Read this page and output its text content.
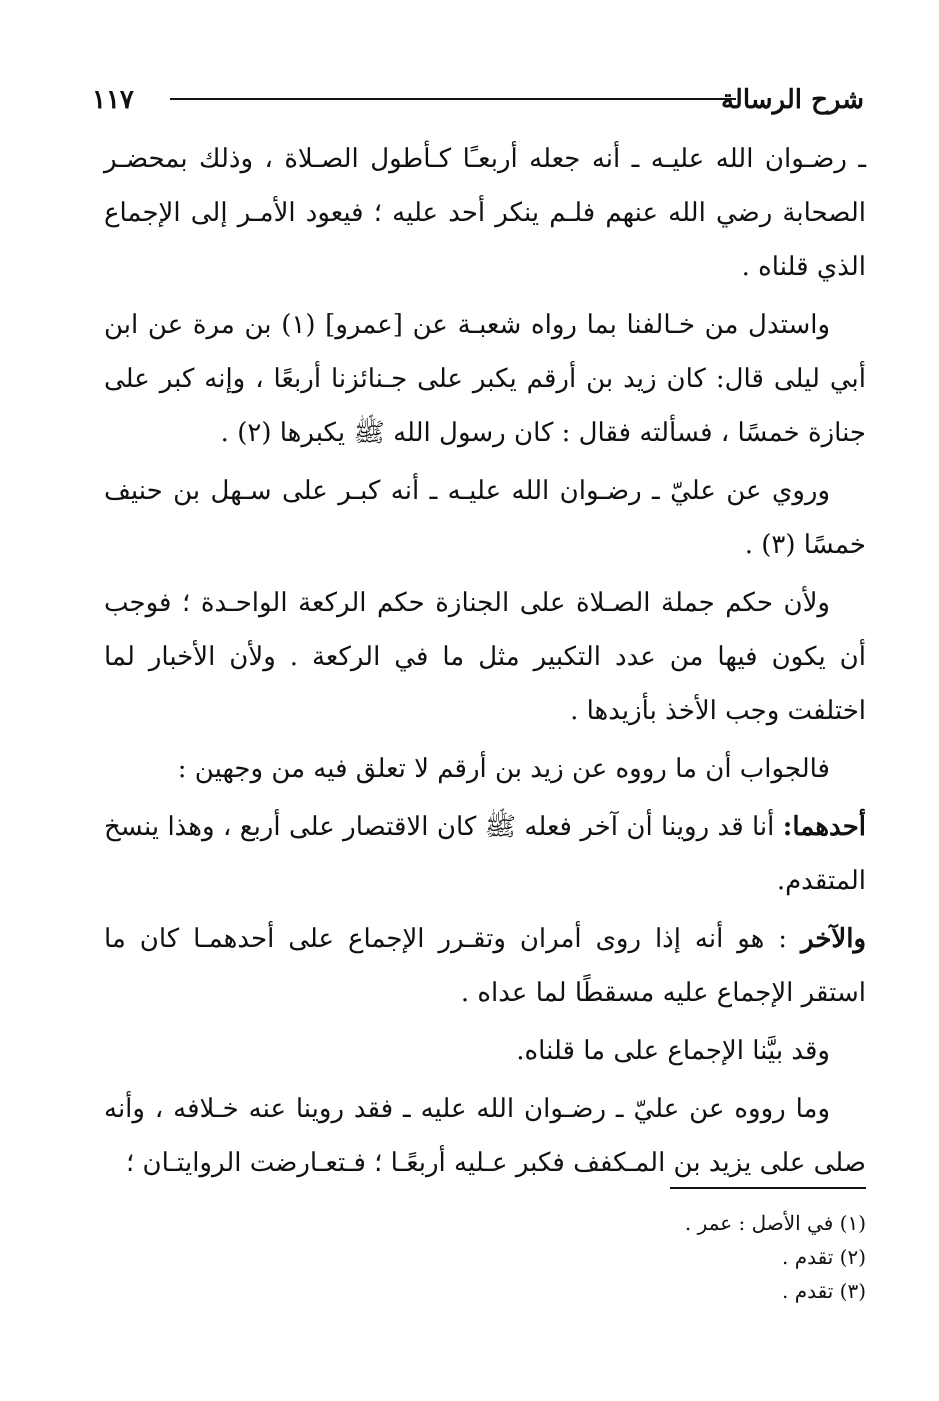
شرح الرسالة
١١٧

ـ رضـوان الله عليـه ـ أنه جعله أربعـًا كـأطول الصـلاة ، وذلك بمحضـر الصحابة رضي الله عنهم فلـم ينكر أحد عليه ؛ فيعود الأمـر إلى الإجماع الذي قلناه .

واستدل من خـالفنا بما رواه شعبـة عن [عمرو] (١) بن مرة عن ابن أبي ليلى قال: كان زيد بن أرقم يكبر على جـنائزنا أربعًا ، وإنه كبر على جنازة خمسًا ، فسألته فقال : كان رسول الله ﷺ يكبرها (٢) .

وروي عن عليّ ـ رضـوان الله عليـه ـ أنه كبـر على سـهل بن حنيف خمسًا (٣) .

ولأن حكم جملة الصـلاة على الجنازة حكم الركعة الواحـدة ؛ فوجب أن يكون فيها من عدد التكبير مثل ما في الركعة . ولأن الأخبار لما اختلفت وجب الأخذ بأزيدها .

فالجواب أن ما رووه عن زيد بن أرقم لا تعلق فيه من وجهين :

أحدهما: أنا قد روينا أن آخر فعله ﷺ كان الاقتصار على أربع ، وهذا ينسخ المتقدم.

والآخر : هو أنه إذا روى أمران وتقـرر الإجماع على أحدهمـا كان ما استقر الإجماع عليه مسقطًا لما عداه .

وقد بيَّنا الإجماع على ما قلناه.

وما رووه عن عليّ ـ رضـوان الله عليه ـ فقد روينا عنه خـلافه ، وأنه صلى على يزيد بن المـكفف فكبر عـليه أربعًـا ؛ فـتعـارضت الروايتـان ؛

(١) في الأصل : عمر .

(٢) تقدم .

(٣) تقدم .
